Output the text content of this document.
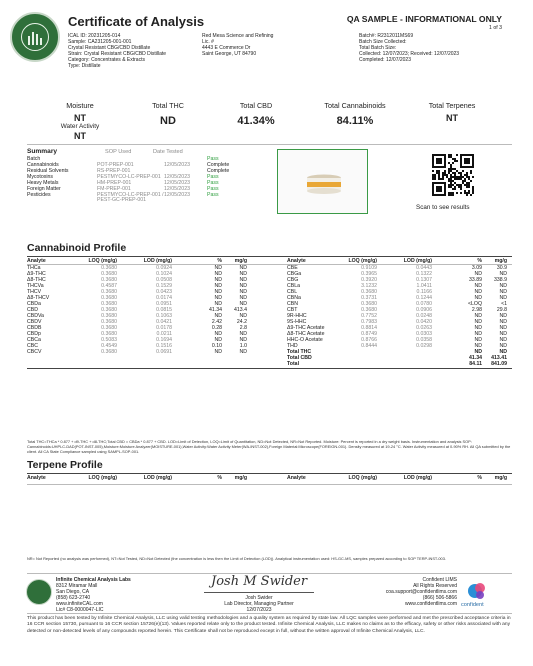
Certificate of Analysis
ICAL ID: 20231205-014
Sample: CA231205-001-001
Crystal Resistant CBG/CBD Distillate
Strain: Crystal Resistant CBG/CBD Distillate
Category: Concentrates & Extracts
Type: Distillate
Red Mesa Science and Refining
Lic. #
4443 E Commerce Dr
Saint George, UT 84790
QA SAMPLE - INFORMATIONAL ONLY
1 of 3
Batch#: R2312011MS69
Batch Size Collected:
Total Batch Size:
Collected: 12/07/2023; Received: 12/07/2023
Completed: 12/07/2023
Moisture
NT
Water Activity
NT
Total THC
ND
Total CBD
41.34%
Total Cannabinoids
84.11%
Total Terpenes
NT
Summary	SOP Used	Date Tested
Batch	Pass
Cannabinoids	POT-PREP-001	12/05/2023	Complete
Residual Solvents	RS-PREP-001	Complete
Mycotoxins	PESTMYCO-LC-PREP-001 12/05/2023	Pass
Heavy Metals	HM-PREP-001	12/05/2023	Pass
Foreign Matter	FM-PREP-001	12/05/2023	Pass
Pesticides	PESTMYCO-LC-PREP-001 /
PEST-GC-PREP-001
12/05/2023	Pass
Scan to see results
Cannabinoid Profile
Analyte	LOQ (mg/g)	LOD (mg/g)	%	mg/g	Analyte	LOQ (mg/g)	LOD (mg/g)	%	mg/g
THCa	0.3680	0.0924	ND	ND
Δ9-THC	0.3680	0.1024	ND	ND
Δ8-THC	0.3680	0.0508	ND	ND
THCVa	0.4587	0.1529	ND	ND
THCV	0.3680	0.0423	ND	ND
Δ8-THCV	0.3680	0.0174	ND	ND
CBDa	0.3680	0.0951	ND	ND
CBD	0.3680	0.0815	41.34	413.4
CBDVa	0.3680	0.1063	ND	ND
CBDV	0.3680	0.0421	2.42	24.2
CBDB	0.3680	0.0178	0.28	2.8
CBDp	0.3680	0.0211	ND	ND
CBCa	0.5083	0.1694	ND	ND
CBC	0.4549	0.1516	0.10	1.0
CBCV	0.3680	0.0691	ND	ND
CBE	0.9109	0.0443	3.09	30.9
CBGa	0.3965	0.1322	ND	ND
CBG	0.3920	0.1307	33.89	338.9
CBLa	3.1232	1.0411	ND	ND
CBL	0.3680	0.1166	ND	ND
CBNa	0.3731	0.1244	ND	ND
CBN	0.3680	0.0780	<LOQ	<1
CBT	0.3680	0.0906	2.98	29.8
9R-HHC	0.7752	0.0248	ND	ND
9S-HHC	0.7983	0.0420	ND	ND
Δ9-THC Acetate	0.8814	0.0263	ND	ND
Δ8-THC Acetate	0.8749	0.0303	ND	ND
HHC-O Acetate	0.8766	0.0358	ND	ND
THD	0.8444	0.0298	ND	ND
Total THC	ND	ND
Total CBD	41.34	413.41
Total	84.11	841.09
Total THC=THCa * 0.877 + d9-THC + d8-THC;Total CBD = CBDa * 0.877 + CBD. LOD=Limit of Detection, LOQ=Limit of Quantitation, ND=Not Detected, NR=Not Reported. Moisture: Percent is reported in a dry weight basis. Instrumentation and analysis SOP: Cannabinoids:UHPLC-DAD(POT-INST-005),Moisture:Moisture Analyzer(MOISTURE-001),Water Activity:Water Activity Meter(WA-INST-002),Foreign Material:Microscope(FOREIGN-001). Density measured at 19-24 °C. Water Activity measured at 0-90% RH. All QA submitted by the client. All CA State Compliance sampled using SAMPL-SOP-001.
Terpene Profile
Analyte	LOQ (mg/g)	LOD (mg/g)	%	mg/g	Analyte	LOQ (mg/g)	LOD (mg/g)	%	mg/g
NR= Not Reported (no analysis was performed), NT=Not Tested, ND=Not Detected (the concentration is less then the Limit of Detection (LOD)). Analytical instrumentation used: HS-GC-MS, samples prepared according to SOP TERP-INST-003.
Infinite Chemical Analysis Labs
8312 Miramar Mall
San Diego, CA
(858) 623-2740
www.infiniteCAL.com
Lic# C8-0000047-LIC
Josh M Swider
Josh Swider
Lab Director, Managing Partner
12/07/2023
Confident LIMS
All Rights Reserved
coa.support@confidentlims.com
(866) 506-5866
www.confidentlims.com confident
This product has been tested by Infinite Chemical Analysis, LLC using valid testing methodologies and a quality system as required by state law. All LQC samples were performed and met the prescribed acceptance criteria in 16 CCR section 15730, pursuant to 16 CCR section 15726(e)(13). Values reported relate only to the product tested. Infinite Chemical Analysis, LLC makes no claims as to the efficacy, safety or other risks associated with any detected or non-detected levels of any compounds reported herein. This Certificate shall not be reproduced except in full, without the written approval of Infinite Chemical Analysis, LLC.
